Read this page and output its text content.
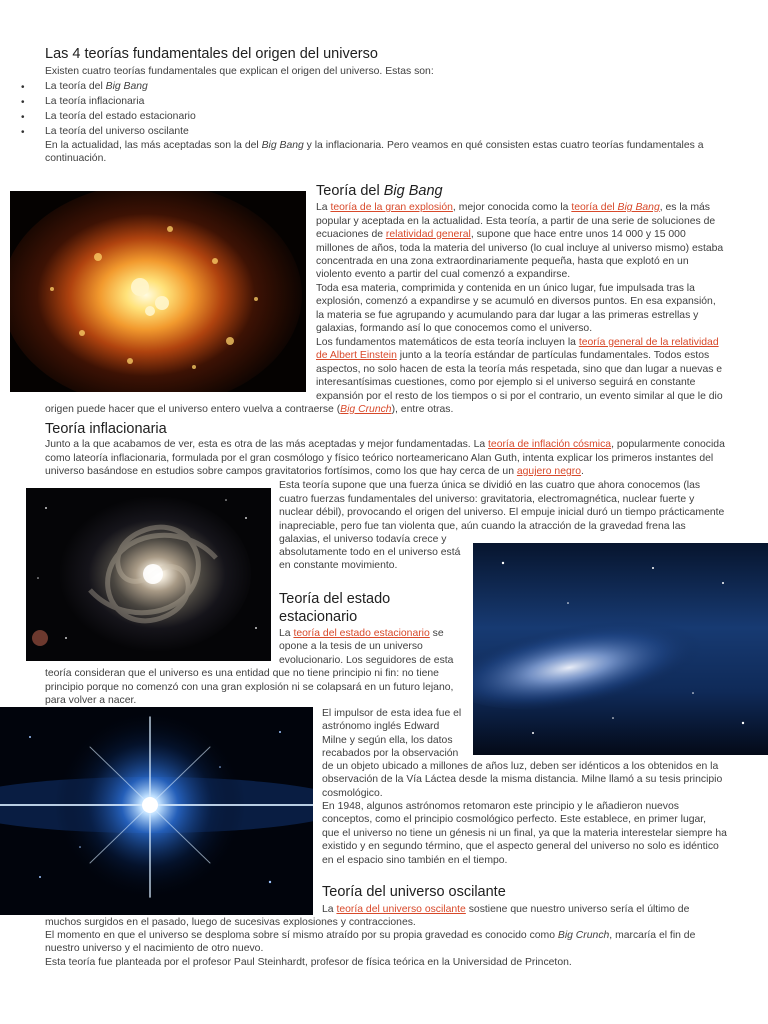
Las 4 teorías fundamentales del origen del universo
Existen cuatro teorías fundamentales que explican el origen del universo. Estas son:
• La teoría del Big Bang
• La teoría inflacionaria
• La teoría del estado estacionario
• La teoría del universo oscilante
En la actualidad, las más aceptadas son la del Big Bang y la inflacionaria. Pero veamos en qué consisten estas cuatro teorías fundamentales a
continuación.
Teoría del Big Bang
La teoría de la gran explosión, mejor conocida como la teoría del Big Bang, es la más
popular y aceptada en la actualidad. Esta teoría, a partir de una serie de soluciones de
ecuaciones de relatividad general, supone que hace entre unos 14 000 y 15 000
millones de años, toda la materia del universo (lo cual incluye al universo mismo) estaba
concentrada en una zona extraordinariamente pequeña, hasta que explotó en un
violento evento a partir del cual comenzó a expandirse.
Toda esa materia, comprimida y contenida en un único lugar, fue impulsada tras la
explosión, comenzó a expandirse y se acumuló en diversos puntos. En esa expansión,
la materia se fue agrupando y acumulando para dar lugar a las primeras estrellas y
galaxias, formando así lo que conocemos como el universo.
Los fundamentos matemáticos de esta teoría incluyen la teoría general de la relatividad
de Albert Einstein junto a la teoría estándar de partículas fundamentales. Todos estos
aspectos, no solo hacen de esta la teoría más respetada, sino que dan lugar a nuevas e
interesantísimas cuestiones, como por ejemplo si el universo seguirá en constante
expansión por el resto de los tiempos o si por el contrario, un evento similar al que le dio
origen puede hacer que el universo entero vuelva a contraerse (Big Crunch), entre otras.
Teoría inflacionaria
Junto a la que acabamos de ver, esta es otra de las más aceptadas y mejor fundamentadas. La teoría de inflación cósmica, popularmente conocida
como lateoría inflacionaria, formulada por el gran cosmólogo y físico teórico norteamericano Alan Guth, intenta explicar los primeros instantes del
universo basándose en estudios sobre campos gravitatorios fortísimos, como los que hay cerca de un agujero negro.
Esta teoría supone que una fuerza única se dividió en las cuatro que ahora conocemos (las
cuatro fuerzas fundamentales del universo: gravitatoria, electromagnética, nuclear fuerte y
nuclear débil), provocando el origen del universo. El empuje inicial duró un tiempo prácticamente
inapreciable, pero fue tan violenta que, aún cuando la atracción de la gravedad frena las
galaxias, el universo todavía crece y
absolutamente todo en el universo está
en constante movimiento.
Teoría del estado
estacionario
La teoría del estado estacionario se
opone a la tesis de un universo
evolucionario. Los seguidores de esta
teoría consideran que el universo es una entidad que no tiene principio ni fin: no tiene
principio porque no comenzó con una gran explosión ni se colapsará en un futuro lejano,
para volver a nacer.
El impulsor de esta idea fue el
astrónomo inglés Edward
Milne y según ella, los datos
recabados por la observación
de un objeto ubicado a millones de años luz, deben ser idénticos a los obtenidos en la
observación de la Vía Láctea desde la misma distancia. Milne llamó a su tesis principio
cosmológico.
En 1948, algunos astrónomos retomaron este principio y le añadieron nuevos
conceptos, como el principio cosmológico perfecto. Este establece, en primer lugar,
que el universo no tiene un génesis ni un final, ya que la materia interestelar siempre ha
existido y en segundo término, que el aspecto general del universo no solo es idéntico
en el espacio sino también en el tiempo.
Teoría del universo oscilante
La teoría del universo oscilante sostiene que nuestro universo sería el último de
muchos surgidos en el pasado, luego de sucesivas explosiones y contracciones.
El momento en que el universo se desploma sobre sí mismo atraído por su propia gravedad es conocido como Big Crunch, marcaría el fin de
nuestro universo y el nacimiento de otro nuevo.
Esta teoría fue planteada por el profesor Paul Steinhardt, profesor de física teórica en la Universidad de Princeton.
